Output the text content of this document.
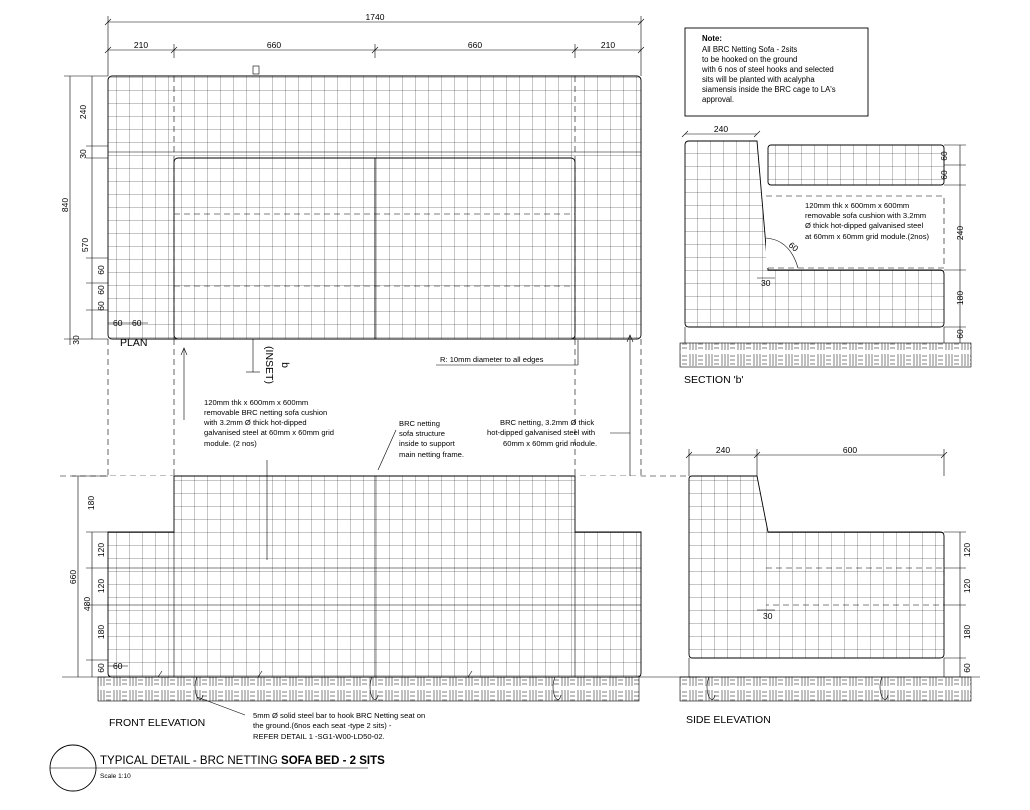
1740
210	660	660	210
240
30
570
60
60
60
840
30
60 60
PLAN
(INSET) b
R: 10mm diameter to all edges
Note:
All BRC Netting Sofa - 2sits
to be hooked on the ground
with 6 nos of steel hooks and selected
sits will be planted with acalypha
siamensis inside the BRC cage to LA's
approval.
240
60
60
240
180
60
30
60
120mm thk x 600mm x 600mm
removable sofa cushion with 3.2mm
Ø thick hot-dipped galvanised steel
at 60mm x 60mm grid module.(2nos)
SECTION 'b'
120mm thk x 600mm x 600mm
removable BRC netting sofa cushion
with 3.2mm Ø thick hot-dipped
galvanised steel at 60mm x 60mm grid
module. (2 nos)
BRC netting
sofa structure
inside to support
main netting frame.
BRC netting, 3.2mm Ø thick
hot-dipped galvanised steel with
60mm x 60mm grid module.
180
120
120
180
60
660
480
60
FRONT ELEVATION
5mm Ø solid steel bar to hook BRC Netting seat on
the ground.(6nos each seat -type 2 sits) -
REFER DETAIL 1 -SG1-W00-LD50-02.
240	600
120
120
180
60
30
SIDE ELEVATION
TYPICAL DETAIL - BRC NETTING SOFA BED - 2 SITS
Scale 1:10
